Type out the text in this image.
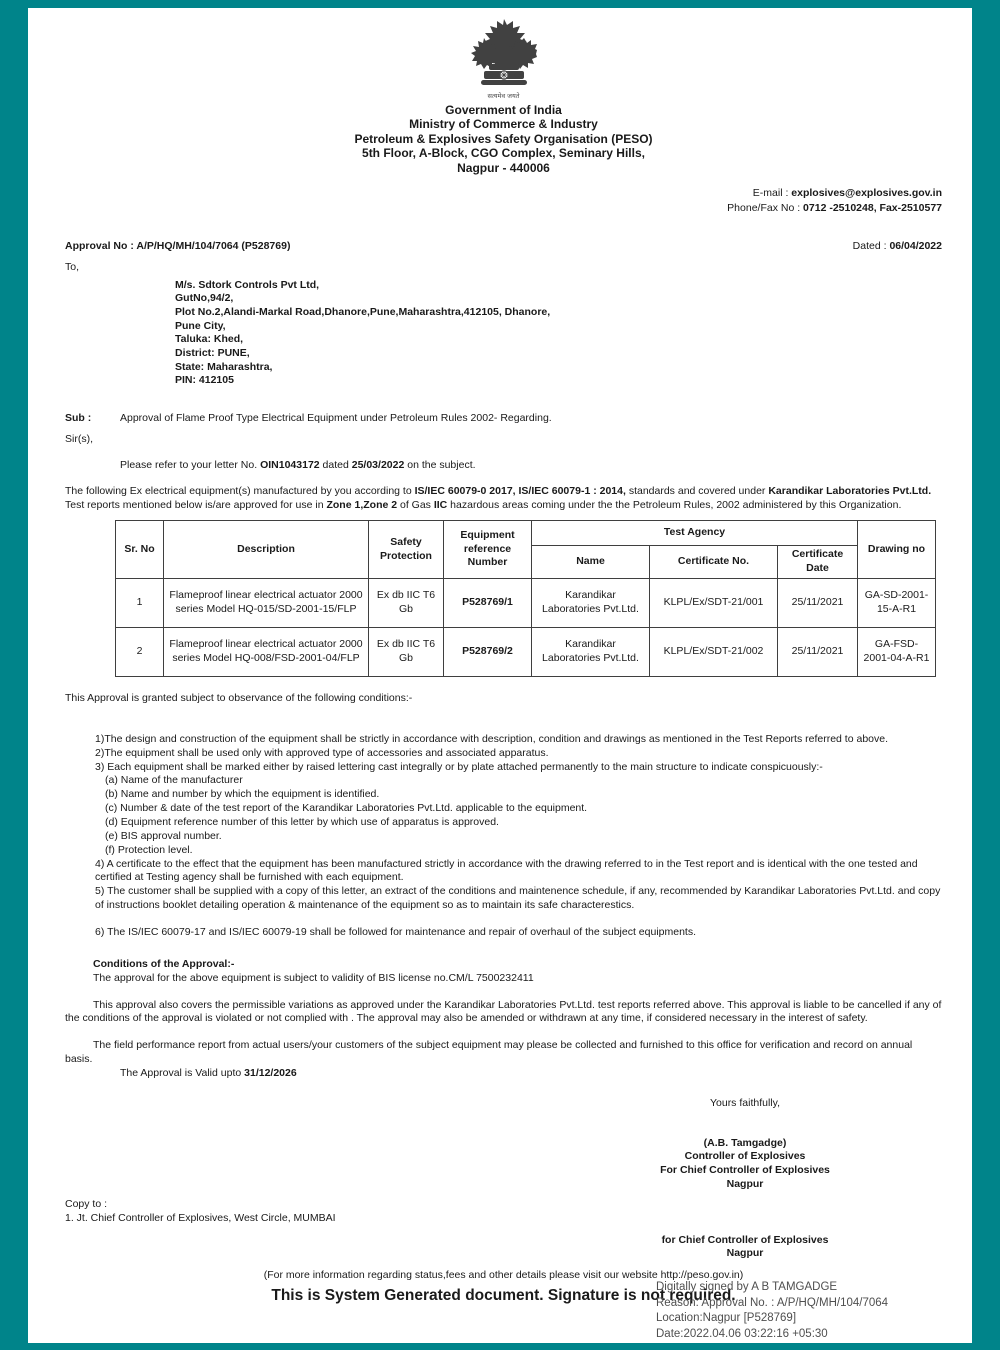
सत्यमेव जयते
Government of India
Ministry of Commerce & Industry
Petroleum & Explosives Safety Organisation (PESO)
5th Floor, A-Block, CGO Complex, Seminary Hills,
Nagpur - 440006
E-mail : explosives@explosives.gov.in
Phone/Fax No : 0712 -2510248, Fax-2510577
Approval No : A/P/HQ/MH/104/7064 (P528769)	Dated : 06/04/2022
To,
M/s. Sdtork Controls Pvt Ltd,
GutNo,94/2,
Plot No.2,Alandi-Markal Road,Dhanore,Pune,Maharashtra,412105, Dhanore,
Pune City,
Taluka: Khed,
District: PUNE,
State: Maharashtra,
PIN: 412105
Sub :	Approval of Flame Proof Type Electrical Equipment under Petroleum Rules 2002- Regarding.
Sir(s),
Please refer to your letter No. OIN1043172 dated 25/03/2022 on the subject.
The following Ex electrical equipment(s) manufactured by you according to IS/IEC 60079-0 2017, IS/IEC 60079-1 : 2014, standards and covered under Karandikar Laboratories Pvt.Ltd. Test reports mentioned below is/are approved for use in Zone 1,Zone 2 of Gas IIC hazardous areas coming under the the Petroleum Rules, 2002 administered by this Organization.
Sr. No	Description	Safety Protection	Equipment reference Number	Test Agency			Drawing no
				Name	Certificate No.	Certificate Date	
1	Flameproof linear electrical actuator 2000 series Model HQ-015/SD-2001-15/FLP	Ex db IIC T6 Gb	P528769/1	Karandikar Laboratories Pvt.Ltd.	KLPL/Ex/SDT-21/001	25/11/2021	GA-SD-2001-15-A-R1
2	Flameproof linear electrical actuator 2000 series Model HQ-008/FSD-2001-04/FLP	Ex db IIC T6 Gb	P528769/2	Karandikar Laboratories Pvt.Ltd.	KLPL/Ex/SDT-21/002	25/11/2021	GA-FSD-2001-04-A-R1
This Approval is granted subject to observance of the following conditions:-
1)The design and construction of the equipment shall be strictly in accordance with description, condition and drawings as mentioned in the Test Reports referred to above.
2)The equipment shall be used only with approved type of accessories and associated apparatus.
3) Each equipment shall be marked either by raised lettering cast integrally or by plate attached permanently to the main structure to indicate conspicuously:-
(a) Name of the manufacturer
(b) Name and number by which the equipment is identified.
(c) Number & date of the test report of the Karandikar Laboratories Pvt.Ltd. applicable to the equipment.
(d) Equipment reference number of this letter by which use of apparatus is approved.
(e) BIS approval number.
(f) Protection level.
4) A certificate to the effect that the equipment has been manufactured strictly in accordance with the drawing referred to in the Test report and is identical with the one tested and certified at Testing agency shall be furnished with each equipment.
5) The customer shall be supplied with a copy of this letter, an extract of the conditions and maintenence schedule, if any, recommended by Karandikar Laboratories Pvt.Ltd. and copy of instructions booklet detailing operation & maintenance of the equipment so as to maintain its safe characterestics.
6) The IS/IEC 60079-17 and IS/IEC 60079-19 shall be followed for maintenance and repair of overhaul of the subject equipments.
Conditions of the Approval:-
The approval for the above equipment is subject to validity of BIS license no.CM/L 7500232411
This approval also covers the permissible variations as approved under the Karandikar Laboratories Pvt.Ltd. test reports referred above. This approval is liable to be cancelled if any of the conditions of the approval is violated or not complied with . The approval may also be amended or withdrawn at any time, if considered necessary in the interest of safety.
The field performance report from actual users/your customers of the subject equipment may please be collected and furnished to this office for verification and record on annual basis.
The Approval is Valid upto 31/12/2026
Yours faithfully,
(A.B. Tamgadge)
Controller of Explosives
For Chief Controller of Explosives
Nagpur
Copy to :
1. Jt. Chief Controller of Explosives, West Circle, MUMBAI
for Chief Controller of Explosives
Nagpur
(For more information regarding status,fees and other details please visit our website http://peso.gov.in)
This is System Generated document. Signature is not required.
Digitally signed by A B TAMGADGE
Reason: Approval No. : A/P/HQ/MH/104/7064
Location:Nagpur [P528769]
Date:2022.04.06 03:22:16 +05:30
